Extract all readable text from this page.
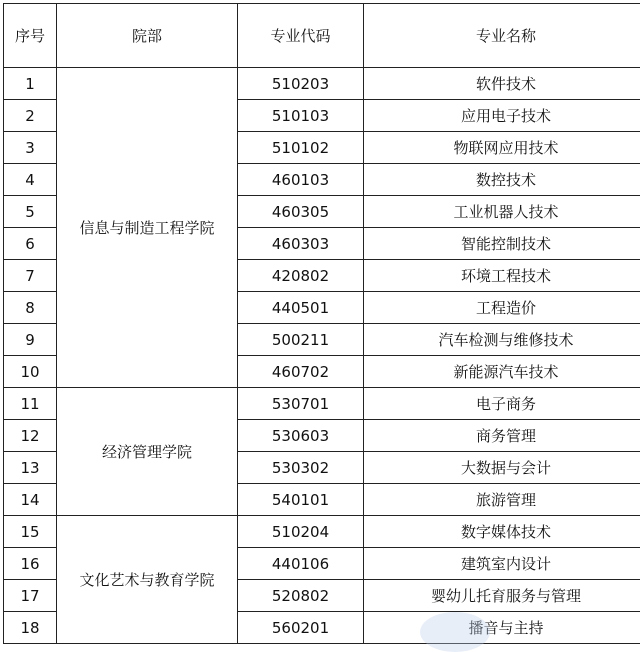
序号	院部	专业代码	专业名称
1	信息与制造工程学院	510203	软件技术
2		510103	应用电子技术
3		510102	物联网应用技术
4		460103	数控技术
5		460305	工业机器人技术
6		460303	智能控制技术
7		420802	环境工程技术
8		440501	工程造价
9		500211	汽车检测与维修技术
10		460702	新能源汽车技术
11	经济管理学院	530701	电子商务
12		530603	商务管理
13		530302	大数据与会计
14		540101	旅游管理
15	文化艺术与教育学院	510204	数字媒体技术
16		440106	建筑室内设计
17		520802	婴幼儿托育服务与管理
18		560201	播音与主持
